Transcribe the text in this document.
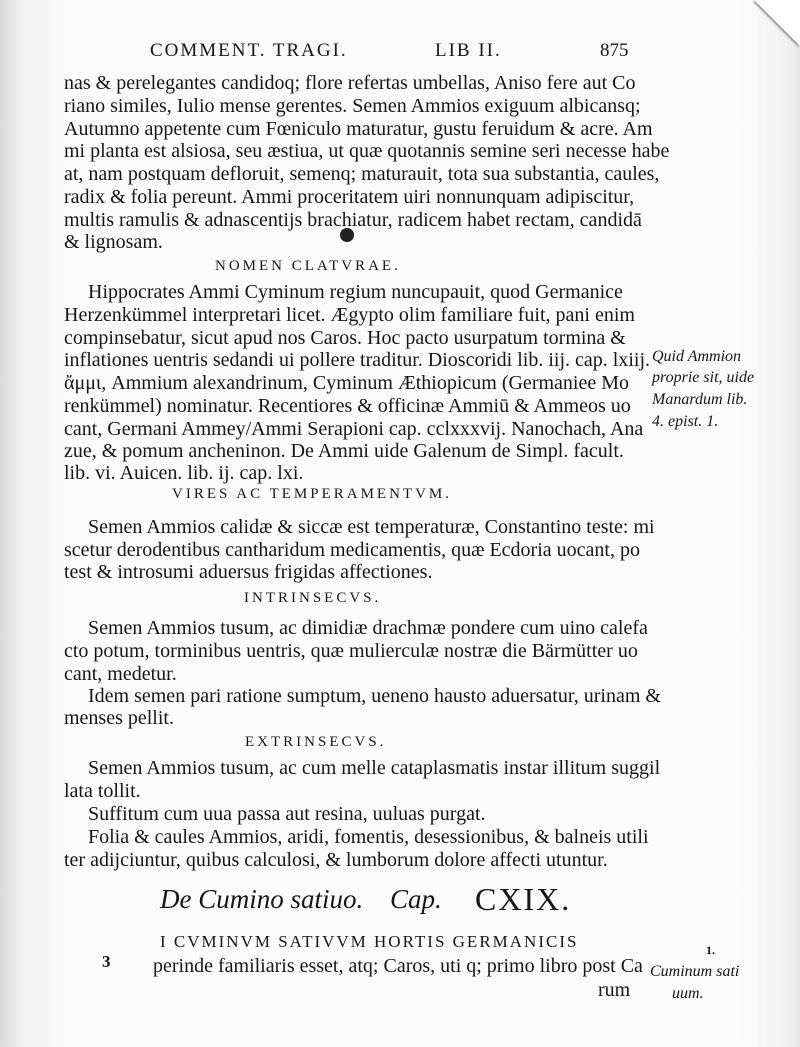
COMMENT. TRAGI.	LIB II.	875
nas & perelegantes candidoq; flore refertas umbellas, Aniso fere aut Co
riano similes, Iulio mense gerentes. Semen Ammios exiguum albicansq;
Autumno appetente cum Fœniculo maturatur, gustu feruidum & acre. Am
mi planta est alsiosa, seu æstiua, ut quæ quotannis semine seri necesse habe
at, nam postquam defloruit, semenq; maturauit, tota sua substantia, caules,
radix & folia pereunt. Ammi proceritatem uiri nonnunquam adipiscitur,
multis ramulis & adnascentijs brachiatur, radicem habet rectam, candidā
& lignosam.
NOMEN CLATVRAE.
Hippocrates Ammi Cyminum regium nuncupauit, quod Germanice
Herzenkümmel interpretari licet. Ægypto olim familiare fuit, pani enim
compinsebatur, sicut apud nos Caros. Hoc pacto usurpatum tormina &
inflationes uentris sedandi ui pollere traditur. Dioscoridi lib. iij. cap. lxiij.
ἄμμι, Ammium alexandrinum, Cyminum Æthiopicum (Germaniee Mo
renkümmel) nominatur. Recentiores & officinæ Ammiū & Ammeos uo
cant, Germani Ammey/Ammi Serapioni cap. cclxxxvij. Nanochach, Ana
zue, & pomum ancheninon. De Ammi uide Galenum de Simpl. facult.
lib. vi. Auicen. lib. ij. cap. lxi.
Quid Ammion
proprie sit, uide
Manardum lib.
4. epist. 1.
VIRES AC TEMPERAMENTVM.
Semen Ammios calidæ & siccæ est temperaturæ, Constantino teste: mi
scetur derodentibus cantharidum medicamentis, quæ Ecdoria uocant, po
test & introsumi aduersus frigidas affectiones.
INTRINSECVS.
Semen Ammios tusum, ac dimidiæ drachmæ pondere cum uino calefa
cto potum, torminibus uentris, quæ mulierculæ nostræ die Bärmütter uo
cant, medetur.
Idem semen pari ratione sumptum, ueneno hausto aduersatur, urinam &
menses pellit.
EXTRINSECVS.
Semen Ammios tusum, ac cum melle cataplasmatis instar illitum suggil
lata tollit.
Suffitum cum uua passa aut resina, uuluas purgat.
Folia & caules Ammios, aridi, fomentis, desessionibus, & balneis utili
ter adijciuntur, quibus calculosi, & lumborum dolore affecti utuntur.
De Cumino satiuo. Cap. CXIX.
I CVMINVM SATIVVM HORTIS GERMANICIS
perinde familiaris esset, atq; Caros, uti q; primo libro post Ca
rum
3
1.
Cuminum sati
uum.
